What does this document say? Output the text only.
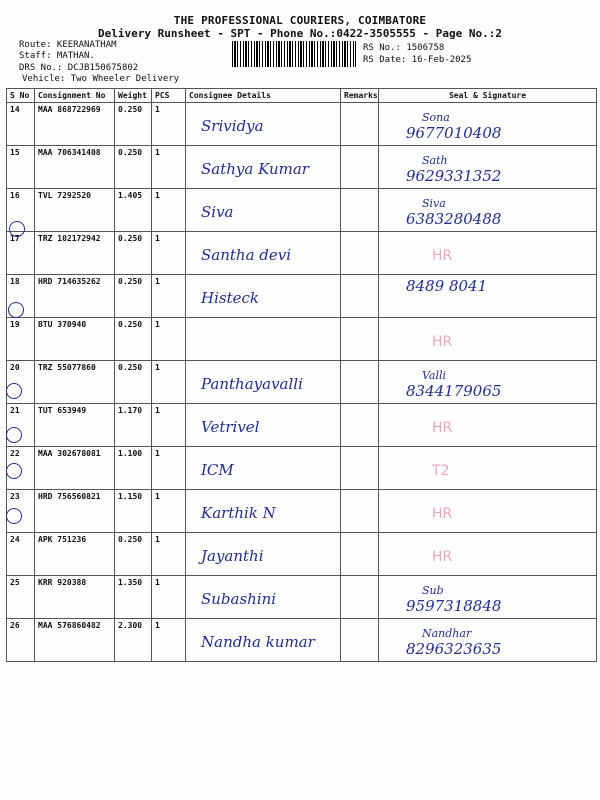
THE PROFESSIONAL COURIERS, COIMBATORE
Delivery Runsheet - SPT - Phone No.:0422-3505555 - Page No.:2
Route: KEERANATHAM
Staff: MATHAN.
DRS No.: DCJB150675802
Vehicle: Two Wheeler Delivery
RS No.: 1506758
RS Date: 16-Feb-2025
S No	Consignment No	Weight	PCS	Consignee Details	Remarks	Seal & Signature
14	MAA 868722969	0.250	1	Srividya		Sona
9677010408

15	MAA 706341408	0.250	1	Sathya Kumar		Sath
9629331352

16	TVL 7292520	1.405	1	Siva		Siva
6383280488

17	TRZ 102172942	0.250	1	Santha devi		HR

18	HRD 714635262	0.250	1	Histeck		8489 8041

19	BTU 370940	0.250	1			HR

20	TRZ 55077860	0.250	1	Panthayavalli		Valli
8344179065

21	TUT 653949	1.170	1	Vetrivel		HR

22	MAA 302678081	1.100	1	ICM		T2

23	HRD 756560821	1.150	1	Karthik N		HR

24	APK 751236	0.250	1	Jayanthi		HR

25	KRR 920388	1.350	1	Subashini		Sub
9597318848

26	MAA 576860482	2.300	1	Nandha kumar		Nandhar
8296323635
